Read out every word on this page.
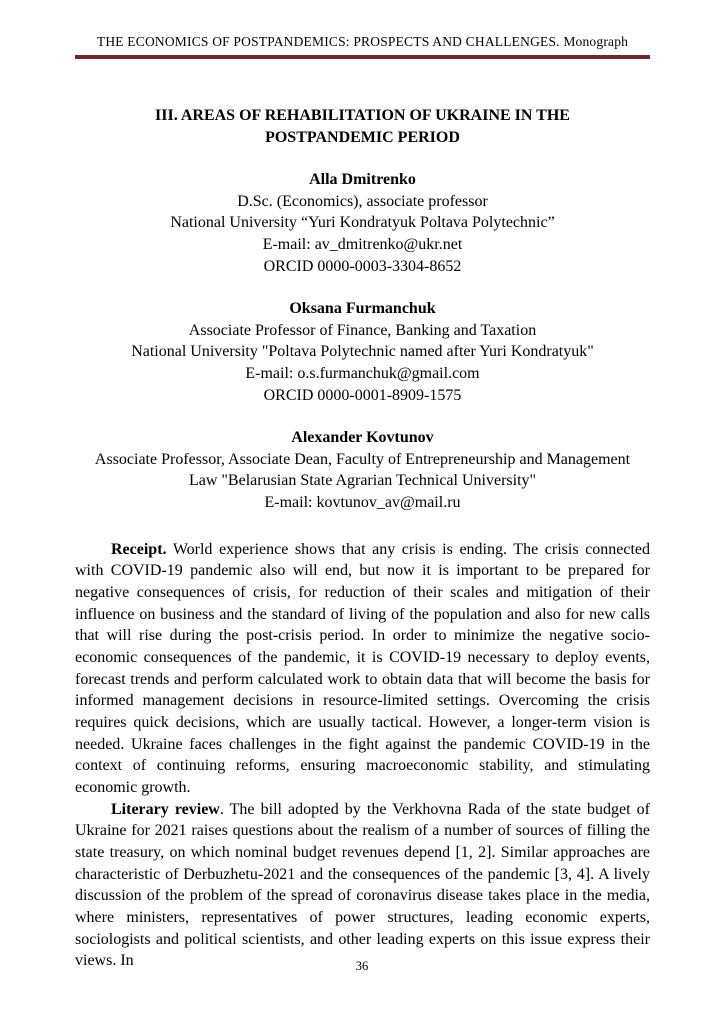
THE ECONOMICS OF POSTPANDEMICS: PROSPECTS AND CHALLENGES. Monograph
III. AREAS OF REHABILITATION OF UKRAINE IN THE
POSTPANDEMIC PERIOD
Alla Dmitrenko
D.Sc. (Economics), associate professor
National University “Yuri Kondratyuk Poltava Polytechnic”
E-mail: av_dmitrenko@ukr.net
ORCID 0000-0003-3304-8652
Oksana Furmanchuk
Associate Professor of Finance, Banking and Taxation
National University "Poltava Polytechnic named after Yuri Kondratyuk"
E-mail: o.s.furmanchuk@gmail.com
ORCID 0000-0001-8909-1575
Alexander Kovtunov
Associate Professor, Associate Dean, Faculty of Entrepreneurship and Management
Law "Belarusian State Agrarian Technical University"
E-mail: kovtunov_av@mail.ru

Receipt. World experience shows that any crisis is ending. The crisis connected with COVID-19 pandemic also will end, but now it is important to be prepared for negative consequences of crisis, for reduction of their scales and mitigation of their influence on business and the standard of living of the population and also for new calls that will rise during the post-crisis period. In order to minimize the negative socio-economic consequences of the pandemic, it is COVID-19 necessary to deploy events, forecast trends and perform calculated work to obtain data that will become the basis for informed management decisions in resource-limited settings. Overcoming the crisis requires quick decisions, which are usually tactical. However, a longer-term vision is needed. Ukraine faces challenges in the fight against the pandemic COVID-19 in the context of continuing reforms, ensuring macroeconomic stability, and stimulating economic growth.

Literary review. The bill adopted by the Verkhovna Rada of the state budget of Ukraine for 2021 raises questions about the realism of a number of sources of filling the state treasury, on which nominal budget revenues depend [1, 2]. Similar approaches are characteristic of Derbuzhetu-2021 and the consequences of the pandemic [3, 4]. A lively discussion of the problem of the spread of coronavirus disease takes place in the media, where ministers, representatives of power structures, leading economic experts, sociologists and political scientists, and other leading experts on this issue express their views. In	36
